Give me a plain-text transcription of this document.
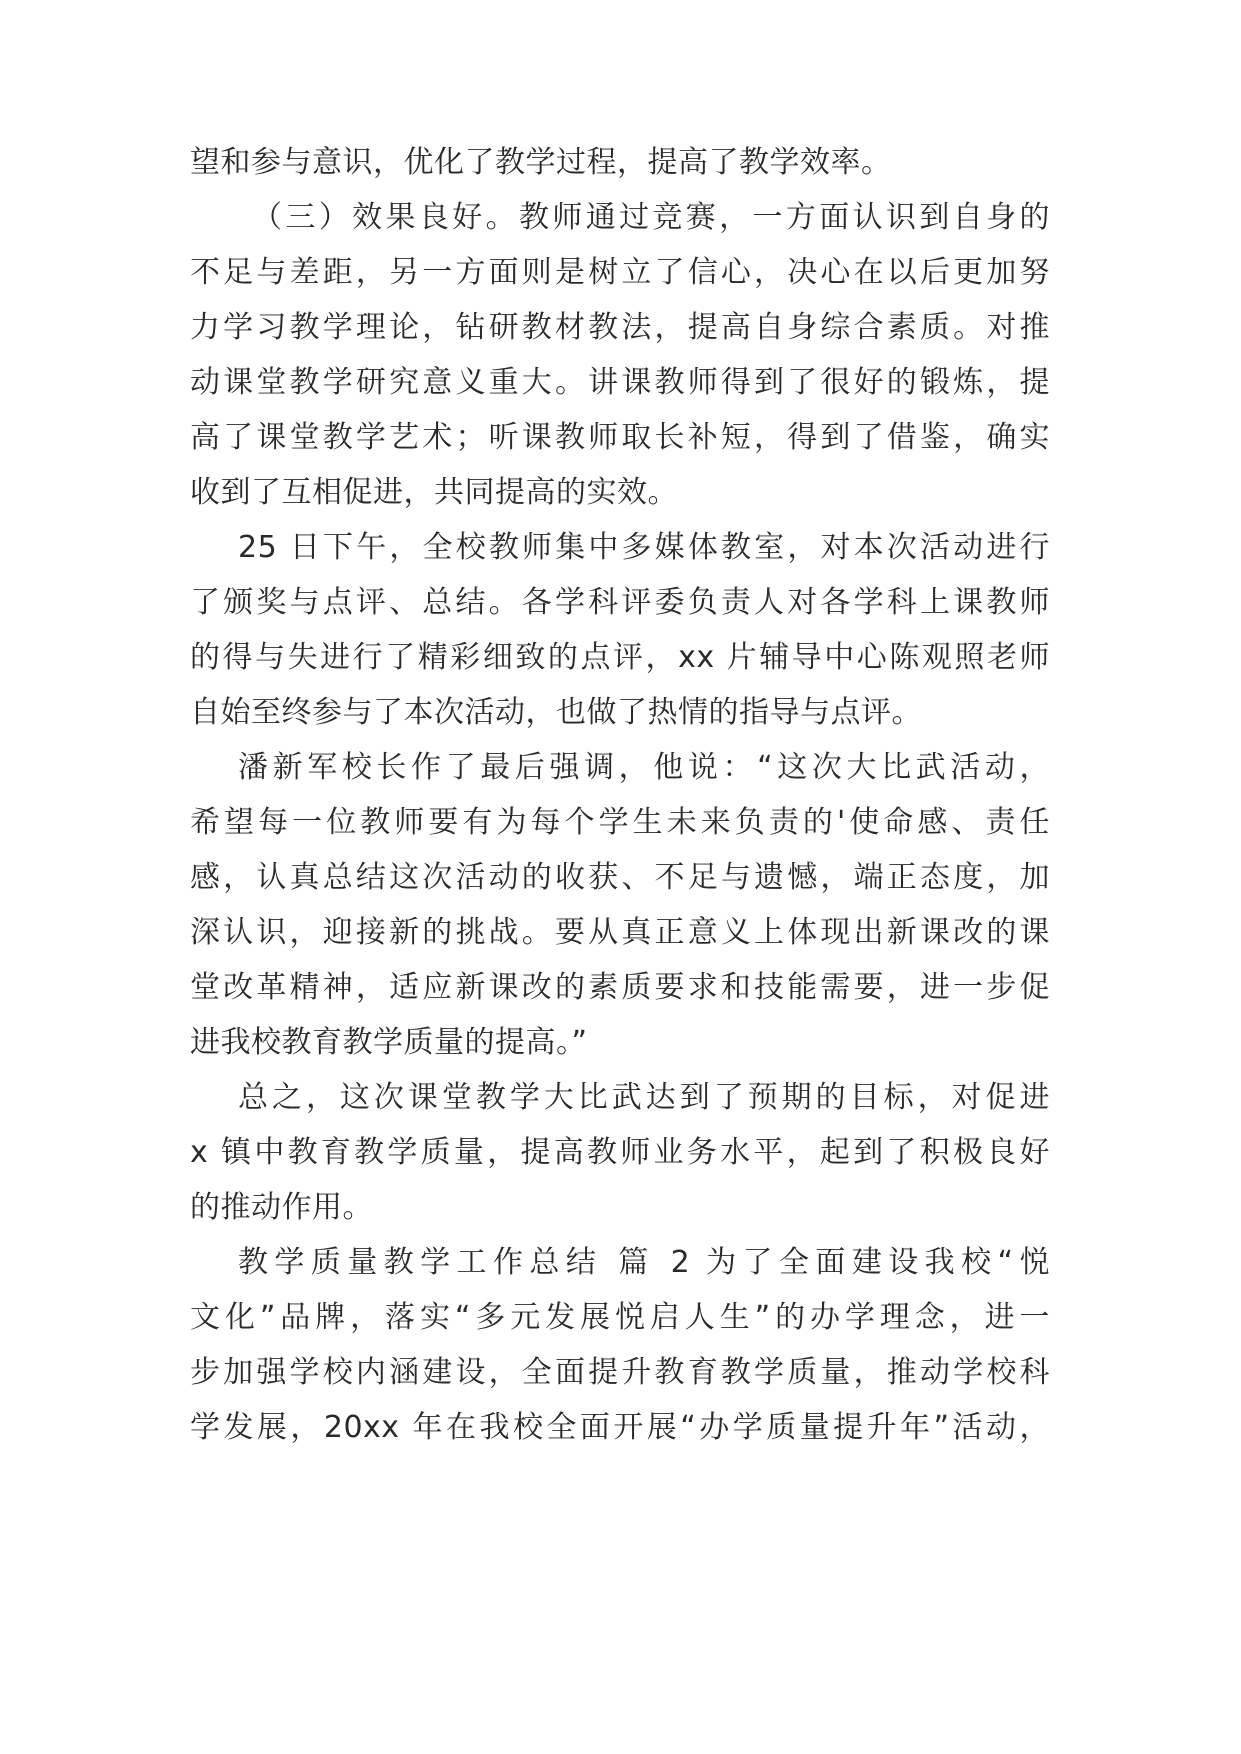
望和参与意识，优化了教学过程，提高了教学效率。
（三）效果良好。教师通过竞赛，一方面认识到自身的
不足与差距，另一方面则是树立了信心，决心在以后更加努
力学习教学理论，钻研教材教法，提高自身综合素质。对推
动课堂教学研究意义重大。讲课教师得到了很好的锻炼，提
高了课堂教学艺术；听课教师取长补短，得到了借鉴，确实
收到了互相促进，共同提高的实效。
25 日下午，全校教师集中多媒体教室，对本次活动进行
了颁奖与点评、总结。各学科评委负责人对各学科上课教师
的得与失进行了精彩细致的点评，xx 片辅导中心陈观照老师
自始至终参与了本次活动，也做了热情的指导与点评。
潘新军校长作了最后强调，他说：“这次大比武活动，
希望每一位教师要有为每个学生未来负责的'使命感、责任
感，认真总结这次活动的收获、不足与遗憾，端正态度，加
深认识，迎接新的挑战。要从真正意义上体现出新课改的课
堂改革精神，适应新课改的素质要求和技能需要，进一步促
进我校教育教学质量的提高。”
总之，这次课堂教学大比武达到了预期的目标，对促进
x 镇中教育教学质量，提高教师业务水平，起到了积极良好
的推动作用。
教学质量教学工作总结 篇 2 为了全面建设我校“悦
文化”品牌，落实“多元发展悦启人生”的办学理念，进一
步加强学校内涵建设，全面提升教育教学质量，推动学校科
学发展，20xx 年在我校全面开展“办学质量提升年”活动，
